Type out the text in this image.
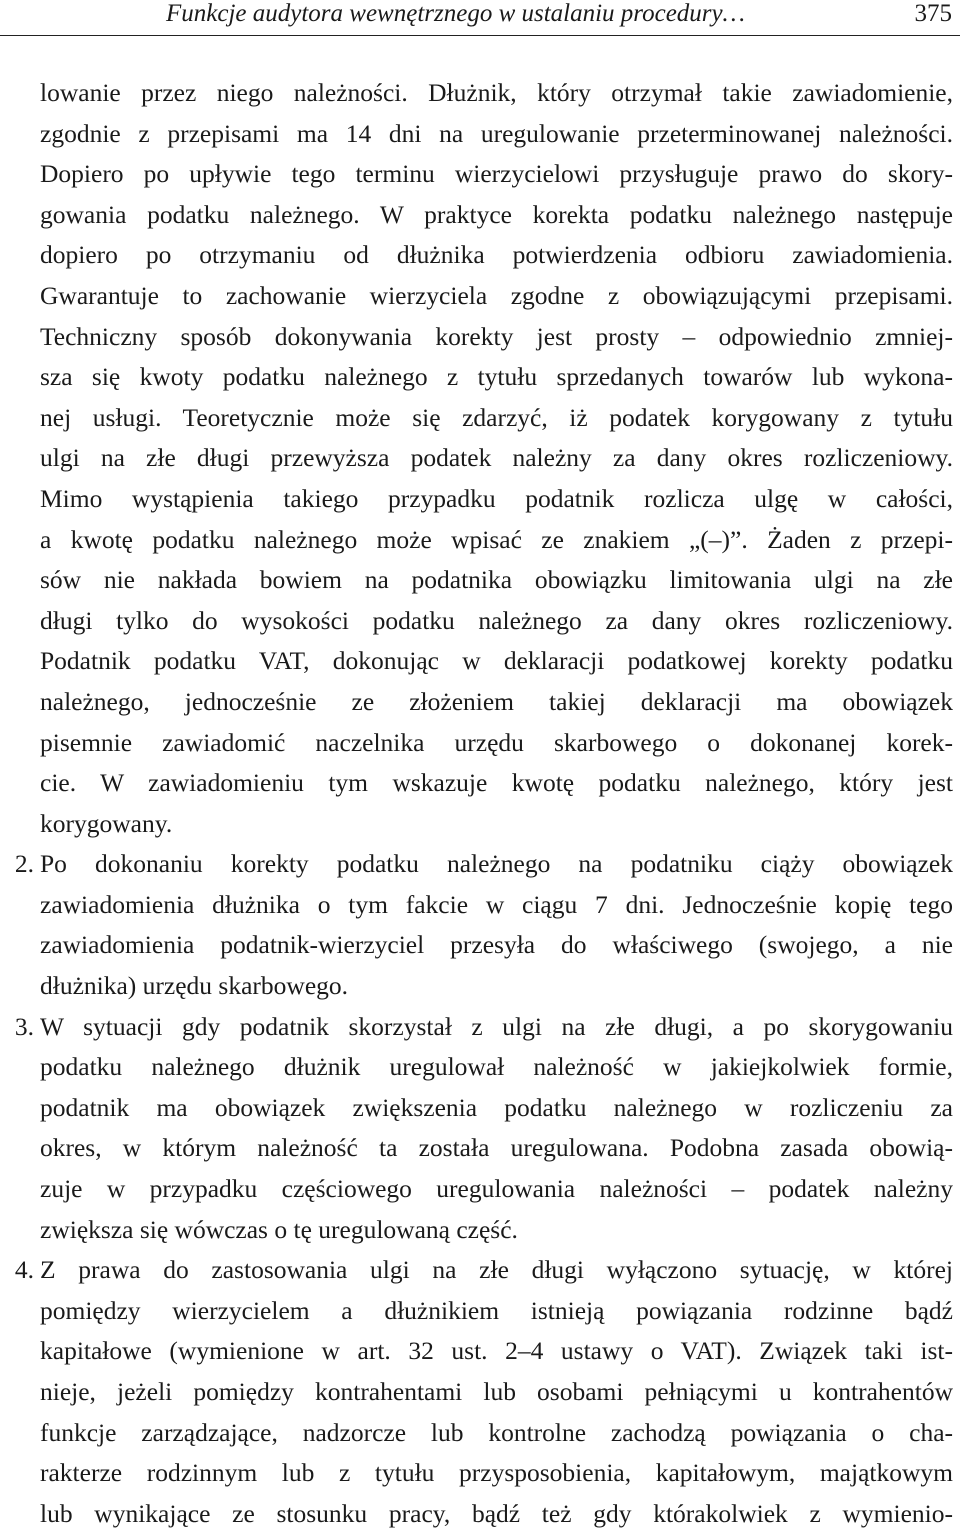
Funkcje audytora wewnętrznego w ustalaniu procedury…	375
lowanie przez niego należności. Dłużnik, który otrzymał takie zawiadomienie,
zgodnie z przepisami ma 14 dni na uregulowanie przeterminowanej należności.
Dopiero po upływie tego terminu wierzycielowi przysługuje prawo do skory-
gowania podatku należnego. W praktyce korekta podatku należnego następuje
dopiero po otrzymaniu od dłużnika potwierdzenia odbioru zawiadomienia.
Gwarantuje to zachowanie wierzyciela zgodne z obowiązującymi przepisami.
Techniczny sposób dokonywania korekty jest prosty – odpowiednio zmniej-
sza się kwoty podatku należnego z tytułu sprzedanych towarów lub wykona-
nej usługi. Teoretycznie może się zdarzyć, iż podatek korygowany z tytułu
ulgi na złe długi przewyższa podatek należny za dany okres rozliczeniowy.
Mimo wystąpienia takiego przypadku podatnik rozlicza ulgę w całości,
a kwotę podatku należnego może wpisać ze znakiem „(–)”. Żaden z przepi-
sów nie nakłada bowiem na podatnika obowiązku limitowania ulgi na złe
długi tylko do wysokości podatku należnego za dany okres rozliczeniowy.
Podatnik podatku VAT, dokonując w deklaracji podatkowej korekty podatku
należnego, jednocześnie ze złożeniem takiej deklaracji ma obowiązek
pisemnie zawiadomić naczelnika urzędu skarbowego o dokonanej korek-
cie. W zawiadomieniu tym wskazuje kwotę podatku należnego, który jest
korygowany.
2. Po dokonaniu korekty podatku należnego na podatniku ciąży obowiązek
zawiadomienia dłużnika o tym fakcie w ciągu 7 dni. Jednocześnie kopię tego
zawiadomienia podatnik-wierzyciel przesyła do właściwego (swojego, a nie
dłużnika) urzędu skarbowego.
3. W sytuacji gdy podatnik skorzystał z ulgi na złe długi, a po skorygowaniu
podatku należnego dłużnik uregulował należność w jakiejkolwiek formie,
podatnik ma obowiązek zwiększenia podatku należnego w rozliczeniu za
okres, w którym należność ta została uregulowana. Podobna zasada obowią-
zuje w przypadku częściowego uregulowania należności – podatek należny
zwiększa się wówczas o tę uregulowaną część.
4. Z prawa do zastosowania ulgi na złe długi wyłączono sytuację, w której
pomiędzy wierzycielem a dłużnikiem istnieją powiązania rodzinne bądź
kapitałowe (wymienione w art. 32 ust. 2–4 ustawy o VAT). Związek taki ist-
nieje, jeżeli pomiędzy kontrahentami lub osobami pełniącymi u kontrahentów
funkcje zarządzające, nadzorcze lub kontrolne zachodzą powiązania o cha-
rakterze rodzinnym lub z tytułu przysposobienia, kapitałowym, majątkowym
lub wynikające ze stosunku pracy, bądź też gdy którakolwiek z wymienio-
